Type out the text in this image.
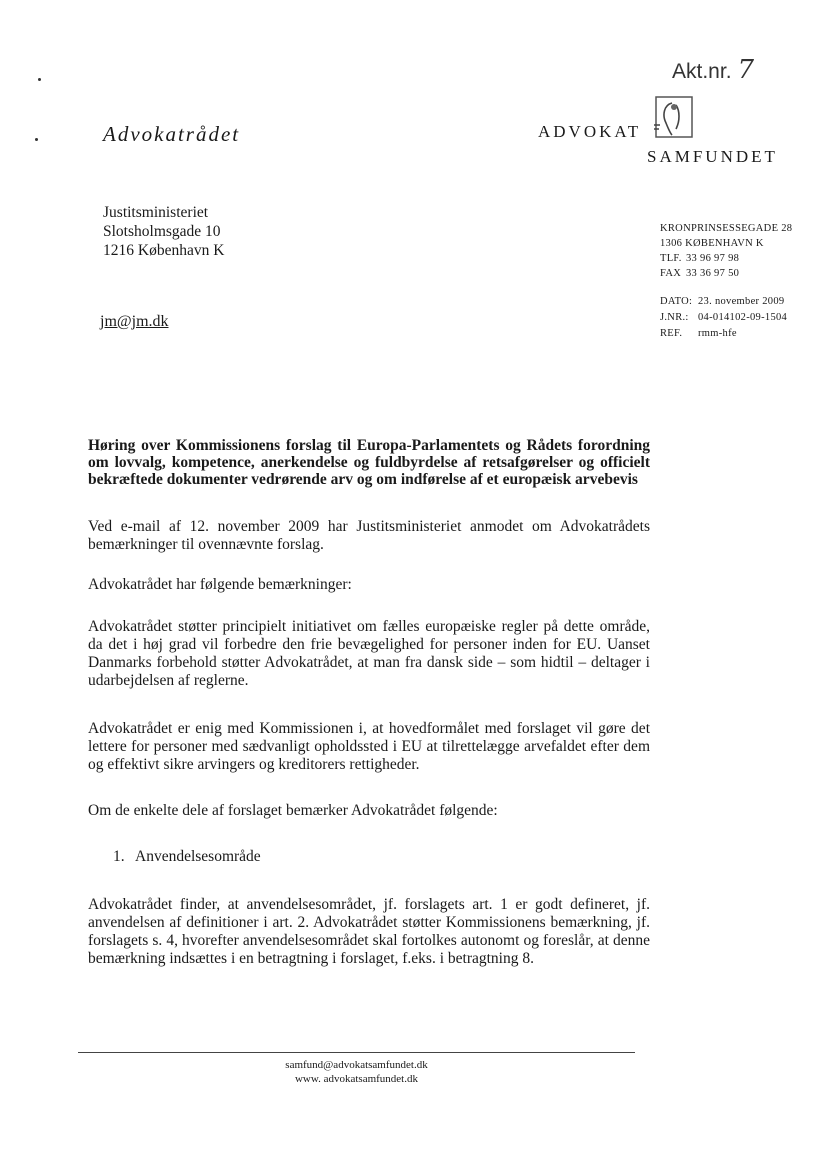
Akt.nr. 7
Advokatrådet	ADVOKAT
SAMFUNDET
Justitsministeriet
Slotsholmsgade 10
1216 København K
jm@jm.dk
KRONPRINSESSEGADE 28
1306 KØBENHAVN K
TLF. 33 96 97 98
FAX 33 36 97 50
DATO: 23. november 2009
J.NR.: 04-014102-09-1504
REF. rmm-hfe

Høring over Kommissionens forslag til Europa-Parlamentets og Rådets forordning om lovvalg, kompetence, anerkendelse og fuldbyrdelse af retsafgørelser og officielt bekræftede dokumenter vedrørende arv og om indførelse af et europæisk arvebevis

Ved e-mail af 12. november 2009 har Justitsministeriet anmodet om Advokatrådets bemærkninger til ovennævnte forslag.

Advokatrådet har følgende bemærkninger:

Advokatrådet støtter principielt initiativet om fælles europæiske regler på dette område, da det i høj grad vil forbedre den frie bevægelighed for personer inden for EU. Uanset Danmarks forbehold støtter Advokatrådet, at man fra dansk side – som hidtil – deltager i udarbejdelsen af reglerne.

Advokatrådet er enig med Kommissionen i, at hovedformålet med forslaget vil gøre det lettere for personer med sædvanligt opholdssted i EU at tilrettelægge arvefaldet efter dem og effektivt sikre arvingers og kreditorers rettigheder.

Om de enkelte dele af forslaget bemærker Advokatrådet følgende:

1. Anvendelsesområde

Advokatrådet finder, at anvendelsesområdet, jf. forslagets art. 1 er godt defineret, jf. anvendelsen af definitioner i art. 2. Advokatrådet støtter Kommissionens bemærkning, jf. forslagets s. 4, hvorefter anvendelsesområdet skal fortolkes autonomt og foreslår, at denne bemærkning indsættes i en betragtning i forslaget, f.eks. i betragtning 8.

samfund@advokatsamfundet.dk
www. advokatsamfundet.dk
